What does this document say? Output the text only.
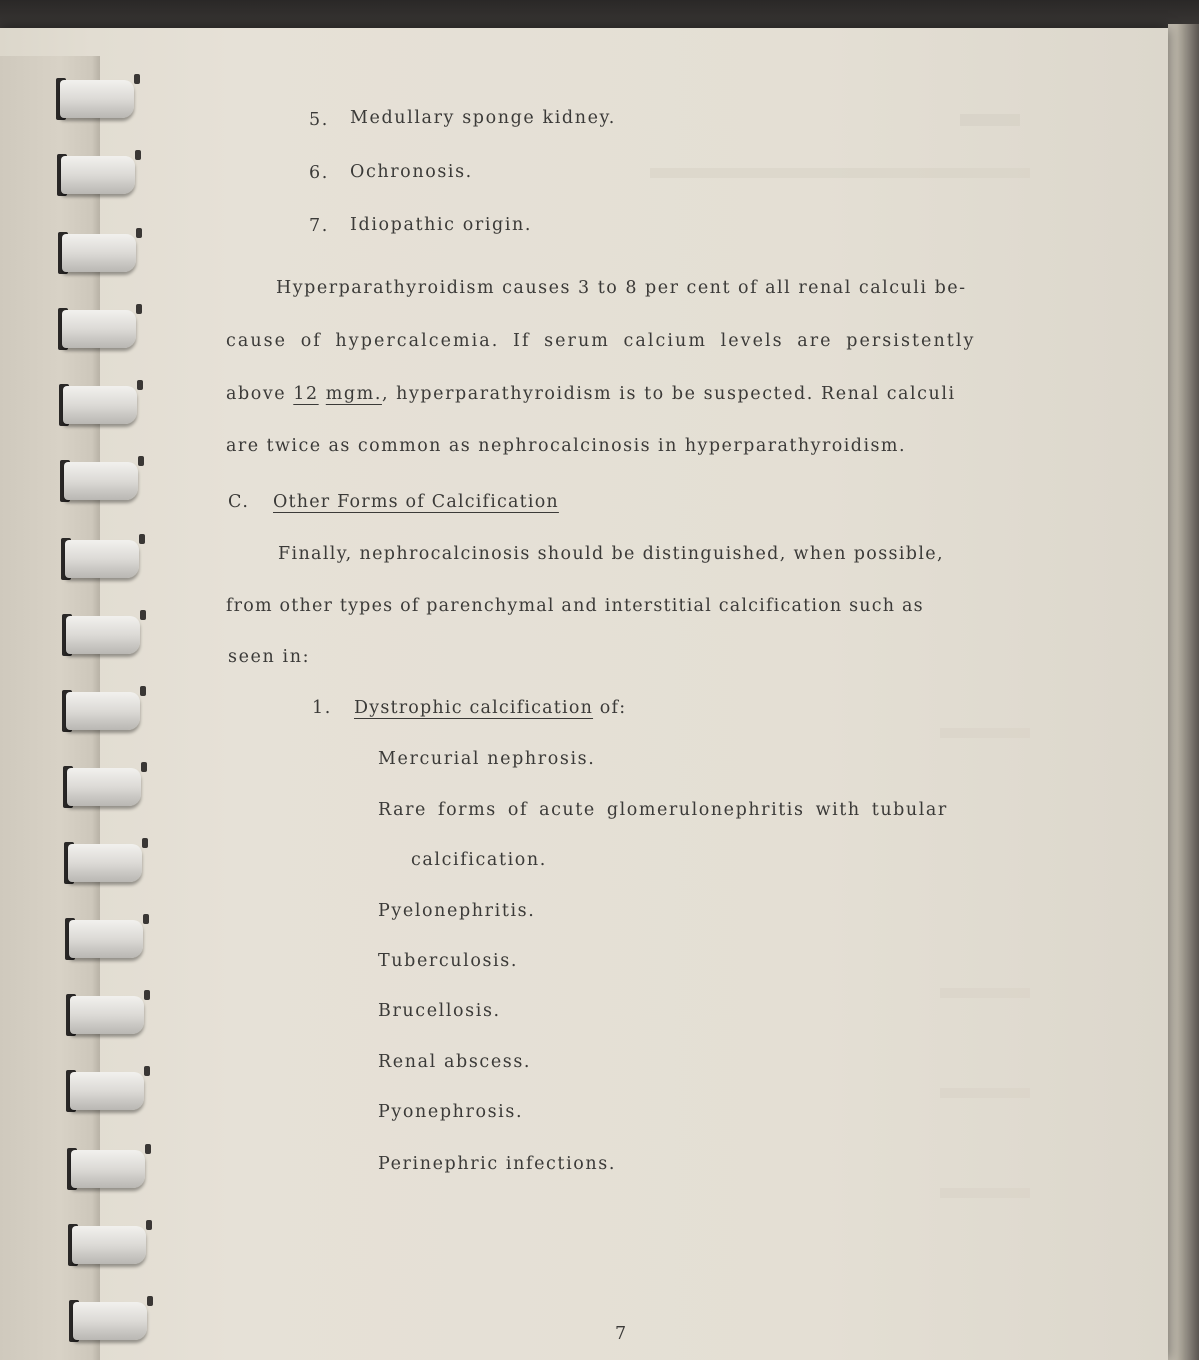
5. Medullary sponge kidney.
6. Ochronosis.
7. Idiopathic origin.
Hyperparathyroidism causes 3 to 8 per cent of all renal calculi be-
cause of hypercalcemia. If serum calcium levels are persistently
above 12 mgm., hyperparathyroidism is to be suspected. Renal calculi
are twice as common as nephrocalcinosis in hyperparathyroidism.
C. Other Forms of Calcification
Finally, nephrocalcinosis should be distinguished, when possible,
from other types of parenchymal and interstitial calcification such as
seen in:
1. Dystrophic calcification of:
Mercurial nephrosis.
Rare forms of acute glomerulonephritis with tubular
calcification.
Pyelonephritis.
Tuberculosis.
Brucellosis.
Renal abscess.
Pyonephrosis.
Perinephric infections.
7
